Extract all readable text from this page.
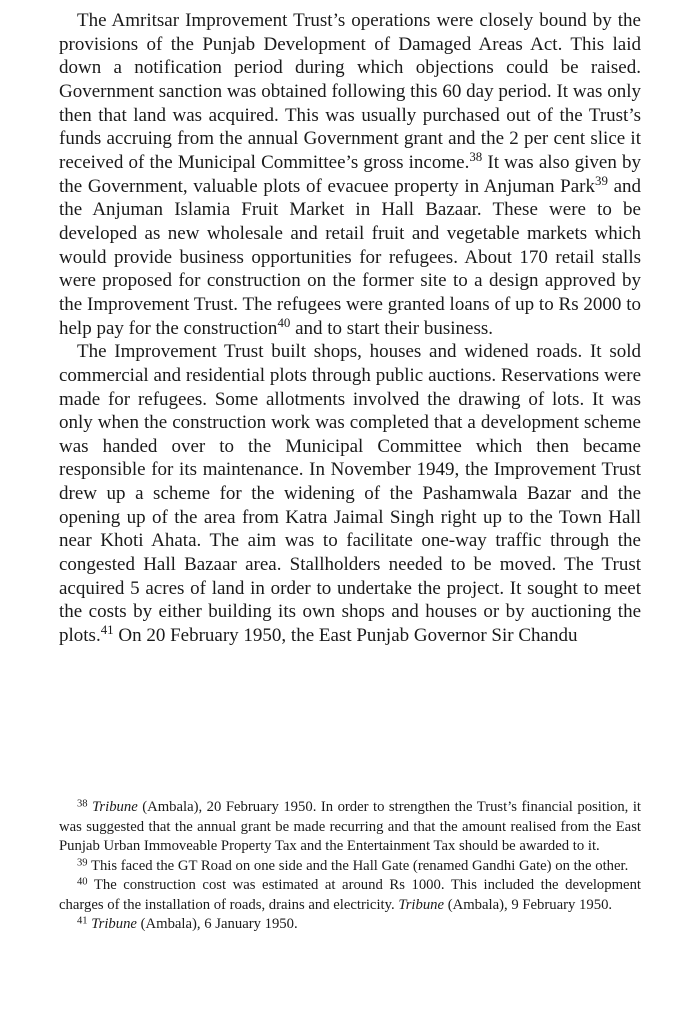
The Amritsar Improvement Trust’s operations were closely bound by the provisions of the Punjab Development of Damaged Areas Act. This laid down a notification period during which objections could be raised. Government sanction was obtained following this 60 day period. It was only then that land was acquired. This was usually purchased out of the Trust’s funds accruing from the annual Government grant and the 2 per cent slice it received of the Municipal Committee’s gross income.$^{38}$ It was also given by the Government, valuable plots of evacuee property in Anjuman Park$^{39}$ and the Anjuman Islamia Fruit Market in Hall Bazaar. These were to be developed as new wholesale and retail fruit and vegetable markets which would provide business opportunities for refugees. About 170 retail stalls were proposed for construction on the former site to a design approved by the Improvement Trust. The refugees were granted loans of up to Rs 2000 to help pay for the construction$^{40}$ and to start their business.

The Improvement Trust built shops, houses and widened roads. It sold commercial and residential plots through public auctions. Reservations were made for refugees. Some allotments involved the drawing of lots. It was only when the construction work was completed that a development scheme was handed over to the Municipal Committee which then became responsible for its maintenance. In November 1949, the Improvement Trust drew up a scheme for the widening of the Pashamwala Bazar and the opening up of the area from Katra Jaimal Singh right up to the Town Hall near Khoti Ahata. The aim was to facilitate one-way traffic through the congested Hall Bazaar area. Stallholders needed to be moved. The Trust acquired 5 acres of land in order to undertake the project. It sought to meet the costs by either building its own shops and houses or by auctioning the plots.$^{41}$ On 20 February 1950, the East Punjab Governor Sir Chandu

$^{38}$ Tribune (Ambala), 20 February 1950. In order to strengthen the Trust’s financial position, it was suggested that the annual grant be made recurring and that the amount realised from the East Punjab Urban Immoveable Property Tax and the Entertainment Tax should be awarded to it.

$^{39}$ This faced the GT Road on one side and the Hall Gate (renamed Gandhi Gate) on the other.

$^{40}$ The construction cost was estimated at around Rs 1000. This included the development charges of the installation of roads, drains and electricity. Tribune (Ambala), 9 February 1950.

$^{41}$ Tribune (Ambala), 6 January 1950.
